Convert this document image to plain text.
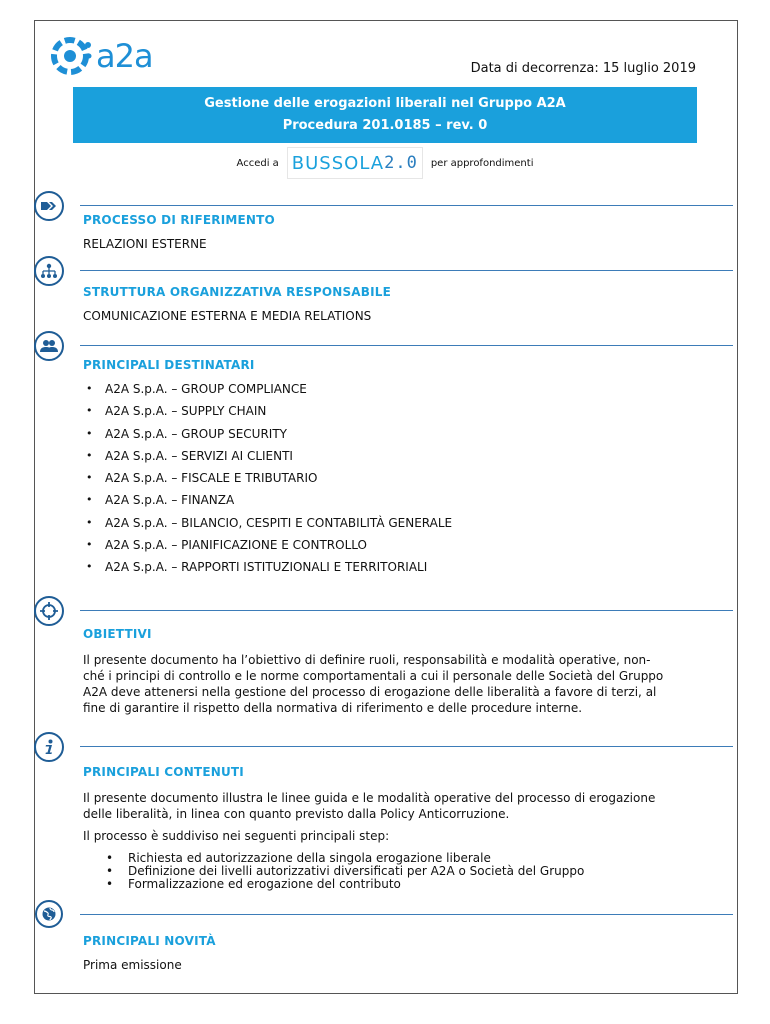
a2a	Data di decorrenza: 15 luglio 2019
Gestione delle erogazioni liberali nel Gruppo A2A
Procedura 201.0185 – rev. 0
Accedi a BUSSOLA 2.0 per approfondimenti
PROCESSO DI RIFERIMENTO
RELAZIONI ESTERNE
STRUTTURA ORGANIZZATIVA RESPONSABILE
COMUNICAZIONE ESTERNA E MEDIA RELATIONS
PRINCIPALI DESTINATARI
• A2A S.p.A. – GROUP COMPLIANCE
• A2A S.p.A. – SUPPLY CHAIN
• A2A S.p.A. – GROUP SECURITY
• A2A S.p.A. – SERVIZI AI CLIENTI
• A2A S.p.A. – FISCALE E TRIBUTARIO
• A2A S.p.A. – FINANZA
• A2A S.p.A. – BILANCIO, CESPITI E CONTABILITÀ GENERALE
• A2A S.p.A. – PIANIFICAZIONE E CONTROLLO
• A2A S.p.A. – RAPPORTI ISTITUZIONALI E TERRITORIALI
OBIETTIVI
Il presente documento ha l’obiettivo di definire ruoli, responsabilità e modalità operative, non-
ché i principi di controllo e le norme comportamentali a cui il personale delle Società del Gruppo
A2A deve attenersi nella gestione del processo di erogazione delle liberalità a favore di terzi, al
fine di garantire il rispetto della normativa di riferimento e delle procedure interne.
PRINCIPALI CONTENUTI
Il presente documento illustra le linee guida e le modalità operative del processo di erogazione
delle liberalità, in linea con quanto previsto dalla Policy Anticorruzione.
Il processo è suddiviso nei seguenti principali step:
• Richiesta ed autorizzazione della singola erogazione liberale
• Definizione dei livelli autorizzativi diversificati per A2A o Società del Gruppo
• Formalizzazione ed erogazione del contributo
PRINCIPALI NOVITÀ
Prima emissione
